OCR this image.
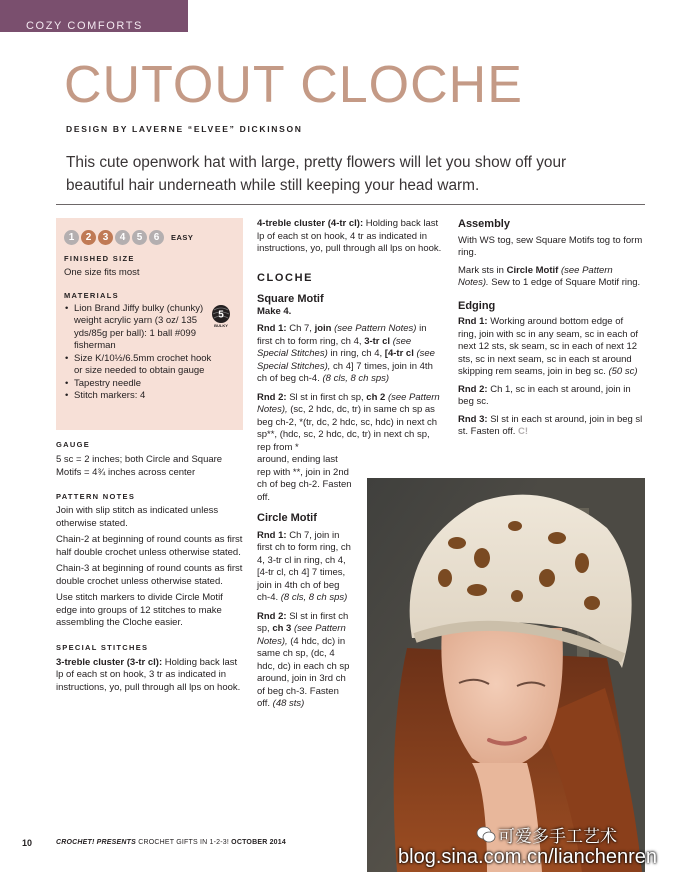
COZY COMFORTS
CUTOUT CLOCHE
DESIGN BY LAVERNE “ELVEE” DICKINSON

This cute openwork hat with large, pretty flowers will let you show off your beautiful hair underneath while still keeping your head warm.

1	2	3	4	5	6	EASY
FINISHED SIZE
One size fits most
MATERIALS
• Lion Brand Jiffy bulky (chunky) weight acrylic yarn (3 oz/ 135 yds/85g per ball): 1 ball #099 fisherman
• Size K/10½/6.5mm crochet hook or size needed to obtain gauge
• Tapestry needle
• Stitch markers: 4
5
BULKY
GAUGE
5 sc = 2 inches; both Circle and Square Motifs = 4¾ inches across center
PATTERN NOTES

Join with slip stitch as indicated unless otherwise stated.

Chain-2 at beginning of round counts as first half double crochet unless otherwise stated.

Chain-3 at beginning of round counts as first double crochet unless otherwise stated.

Use stitch markers to divide Circle Motif edge into groups of 12 stitches to make assembling the Cloche easier.

SPECIAL STITCHES

3-treble cluster (3-tr cl): Holding back last lp of each st on hook, 3 tr as indicated in instructions, yo, pull through all lps on hook.

4-treble cluster (4-tr cl): Holding back last lp of each st on hook, 4 tr as indicated in instructions, yo, pull through all lps on hook.

CLOCHE
Square Motif
Make 4.

Rnd 1: Ch 7, join (see Pattern Notes) in first ch to form ring, ch 4, 3-tr cl (see Special Stitches) in ring, ch 4, [4-tr cl (see Special Stitches), ch 4] 7 times, join in 4th ch of beg ch-4. (8 cls, 8 ch sps)

Rnd 2: Sl st in first ch sp, ch 2 (see Pattern Notes), (sc, 2 hdc, dc, tr) in same ch sp as beg ch-2, *(tr, dc, 2 hdc, sc, hdc) in next ch sp**, (hdc, sc, 2 hdc, dc, tr) in next ch sp, rep from *

around, ending last rep with **, join in 2nd ch of beg ch-2. Fasten off.

Circle Motif

Rnd 1: Ch 7, join in first ch to form ring, ch 4, 3-tr cl in ring, ch 4, [4-tr cl, ch 4] 7 times, join in 4th ch of beg ch-4. (8 cls, 8 ch sps)

Rnd 2: Sl st in first ch sp, ch 3 (see Pattern Notes), (4 hdc, dc) in same ch sp, (dc, 4 hdc, dc) in each ch sp around, join in 3rd ch of beg ch-3. Fasten off. (48 sts)

Assembly

With WS tog, sew Square Motifs tog to form ring.

Mark sts in Circle Motif (see Pattern Notes). Sew to 1 edge of Square Motif ring.

Edging

Rnd 1: Working around bottom edge of ring, join with sc in any seam, sc in each of next 12 sts, sk seam, sc in each of next 12 sts, sc in next seam, sc in each st around skipping rem seams, join in beg sc. (50 sc)

Rnd 2: Ch 1, sc in each st around, join in beg sc.

Rnd 3: Sl st in each st around, join in beg sl st. Fasten off. C!

10	CROCHET! PRESENTS CROCHET GIFTS IN 1-2-3! OCTOBER 2014	可爱多手工艺术
blog.sina.com.cn/lianchenren
